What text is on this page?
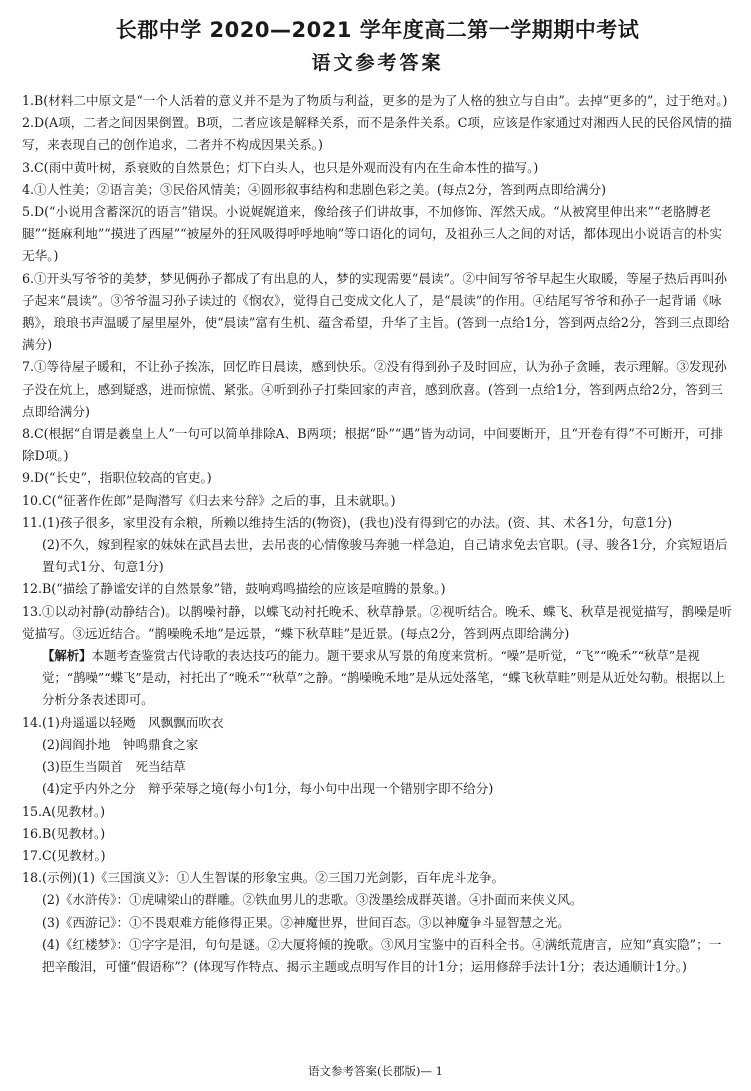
长郡中学 2020—2021 学年度高二第一学期期中考试
语文参考答案
1.B(材料二中原文是“一个人活着的意义并不是为了物质与利益，更多的是为了人格的独立与自由”。去掉“更多的”，过于绝对。)
2.D(A项，二者之间因果倒置。B项，二者应该是解释关系，而不是条件关系。C项，应该是作家通过对湘西人民的民俗风情的描写，来表现自己的创作追求，二者并不构成因果关系。)
3.C(雨中黄叶树，系衰败的自然景色；灯下白头人，也只是外观而没有内在生命本性的描写。)
4.①人性美；②语言美；③民俗风情美；④圆形叙事结构和悲剧色彩之美。(每点2分，答到两点即给满分)
5.D(“小说用含蓄深沉的语言”错误。小说娓娓道来，像给孩子们讲故事，不加修饰、浑然天成。“从被窝里伸出来”“老胳膊老腿”“挺麻利地”“摸进了西屋”“被屋外的狂风吸得呼呼地响”等口语化的词句，及祖孙三人之间的对话，都体现出小说语言的朴实无华。)
6.①开头写爷爷的美梦，梦见俩孙子都成了有出息的人，梦的实现需要“晨读”。②中间写爷爷早起生火取暖，等屋子热后再叫孙子起来“晨读”。③爷爷温习孙子读过的《悯农》，觉得自己变成文化人了，是“晨读”的作用。④结尾写爷爷和孙子一起背诵《咏鹅》，琅琅书声温暖了屋里屋外，使“晨读”富有生机、蕴含希望，升华了主旨。(答到一点给1分，答到两点给2分，答到三点即给满分)
7.①等待屋子暖和，不让孙子挨冻，回忆昨日晨读，感到快乐。②没有得到孙子及时回应，认为孙子贪睡，表示理解。③发现孙子没在炕上，感到疑惑，进而惊慌、紧张。④听到孙子打柴回家的声音，感到欣喜。(答到一点给1分，答到两点给2分，答到三点即给满分)
8.C(根据“自谓是羲皇上人”一句可以简单排除A、B两项；根据“卧”“遇”皆为动词，中间要断开，且“开卷有得”不可断开，可排除D项。)
9.D(“长史”，指职位较高的官吏。)
10.C(“征著作佐郎”是陶潜写《归去来兮辞》之后的事，且未就职。)
11.(1)孩子很多，家里没有余粮，所赖以维持生活的(物资)，(我也)没有得到它的办法。(资、其、术各1分，句意1分)
(2)不久，嫁到程家的妹妹在武昌去世，去吊丧的心情像骏马奔驰一样急迫，自己请求免去官职。(寻、骏各1分，介宾短语后置句式1分、句意1分)
12.B(“描绘了静谧安详的自然景象”错，鼓响鸡鸣描绘的应该是喧腾的景象。)
13.①以动衬静(动静结合)。以鹊噪衬静，以蝶飞动衬托晚禾、秋草静景。②视听结合。晚禾、蝶飞、秋草是视觉描写，鹊噪是听觉描写。③远近结合。“鹊噪晚禾地”是远景，“蝶下秋草畦”是近景。(每点2分，答到两点即给满分)
【解析】本题考查鉴赏古代诗歌的表达技巧的能力。题干要求从写景的角度来赏析。“噪”是听觉，“飞”“晚禾”“秋草”是视觉；“鹊噪”“蝶飞”是动，衬托出了“晚禾”“秋草”之静。“鹊噪晚禾地”是从远处落笔，“蝶飞秋草畦”则是从近处勾勒。根据以上分析分条表述即可。
14.(1)舟遥遥以轻飏　风飘飘而吹衣
(2)闾阎扑地　钟鸣鼎食之家
(3)臣生当陨首　死当结草
(4)定乎内外之分　辩乎荣辱之境(每小句1分，每小句中出现一个错别字即不给分)
15.A(见教材。)
16.B(见教材。)
17.C(见教材。)
18.(示例)(1)《三国演义》：①人生智谋的形象宝典。②三国刀光剑影，百年虎斗龙争。
(2)《水浒传》：①虎啸梁山的群雕。②铁血男儿的悲歌。③泼墨绘成群英谱。④扑面而来侠义风。
(3)《西游记》：①不畏艰难方能修得正果。②神魔世界，世间百态。③以神魔争斗显智慧之光。
(4)《红楼梦》：①字字是泪，句句是谜。②大厦将倾的挽歌。③风月宝鉴中的百科全书。④满纸荒唐言，应知“真实隐”；一把辛酸泪，可懂“假语称”？(体现写作特点、揭示主题或点明写作目的计1分；运用修辞手法计1分；表达通顺计1分。)
语文参考答案(长郡版)— 1
